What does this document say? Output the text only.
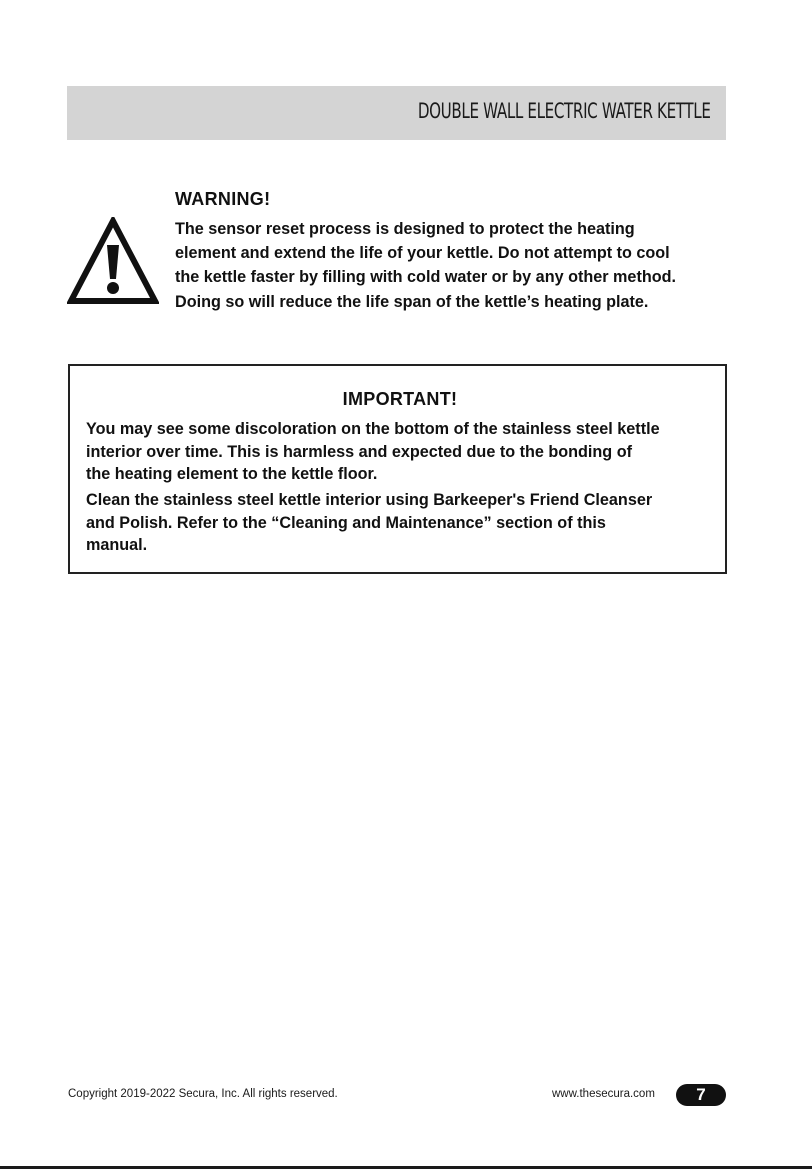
DOUBLE WALL ELECTRIC WATER KETTLE
WARNING!
The sensor reset process is designed to protect the heating
element and extend the life of your kettle. Do not attempt to cool
the kettle faster by filling with cold water or by any other method.
Doing so will reduce the life span of the kettle’s heating plate.
IMPORTANT!
You may see some discoloration on the bottom of the stainless steel kettle
interior over time. This is harmless and expected due to the bonding of
the heating element to the kettle floor.
Clean the stainless steel kettle interior using Barkeeper's Friend Cleanser
and Polish. Refer to the “Cleaning and Maintenance” section of this
manual.
Copyright 2019-2022 Secura, Inc. All rights reserved.	www.thesecura.com	7
